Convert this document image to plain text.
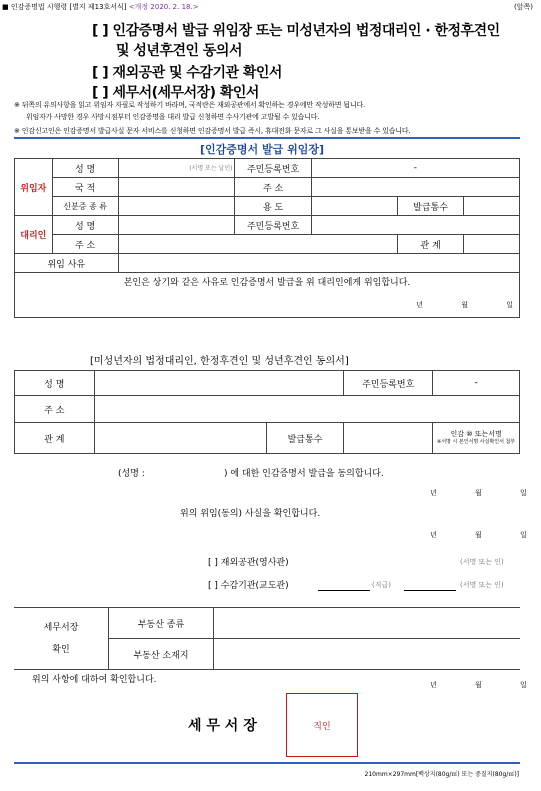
■ 인감증명법 시행령 [별지 제13호서식] <개정 2020. 2. 18.>	(앞쪽)
[ ] 인감증명서 발급 위임장 또는 미성년자의 법정대리인 · 한정후견인
및 성년후견인 동의서
[ ] 재외공관 및 수감기관 확인서
[ ] 세무서(세무서장) 확인서
※ 뒤쪽의 유의사항을 읽고 위임자 자필로 작성하기 바라며, 국적란은 재외공관에서 확인하는 경우에만 작성하면 됩니다.
위임자가 사망한 경우 사망시점부터 인감증명을 대리 발급 신청하면 수사기관에 고발될 수 있습니다.
※ 인감신고인은 인감증명서 발급사실 문자 서비스를 신청하면 인감증명서 발급 즉시, 휴대전화 문자로 그 사실을 통보받을 수 있습니다.
[인감증명서 발급 위임장]
위임자	성 명	(서명 또는 날인)	주민등록번호	-		
	국 적		주 소			
	신분증 종 류		용 도		발급통수	
대리인	성 명		주민등록번호			
	주 소				관 계	
위임 사유						

본인은 상기와 같은 사유로 인감증명서 발급을 위 대리인에게 위임합니다.
년 월 일						
[미성년자의 법정대리인, 한정후견인 및 성년후견인 동의서]
성 명			주민등록번호	-
주 소				
관 계		발급통수		인감 ⑩ 또는서명
※서명 시 본인서명 사실확인서 첨부
(성명 :	) 에 대한 인감증명서 발급을 동의합니다.
년 월 일
위의 위임(동의) 사실을 확인합니다.
년 월 일
[ ] 재외공관(영사관)	(서명 또는 인)
[ ] 수감기관(교도관)	(직급)	(서명 또는 인)
세무서장
확인	부동산 종류	
	부동산 소재지	
위의 사항에 대하여 확인합니다.	년 월 일
세 무 서 장	직인
210mm×297mm[백상지(80g/㎡) 또는 중질지(80g/㎡)]
